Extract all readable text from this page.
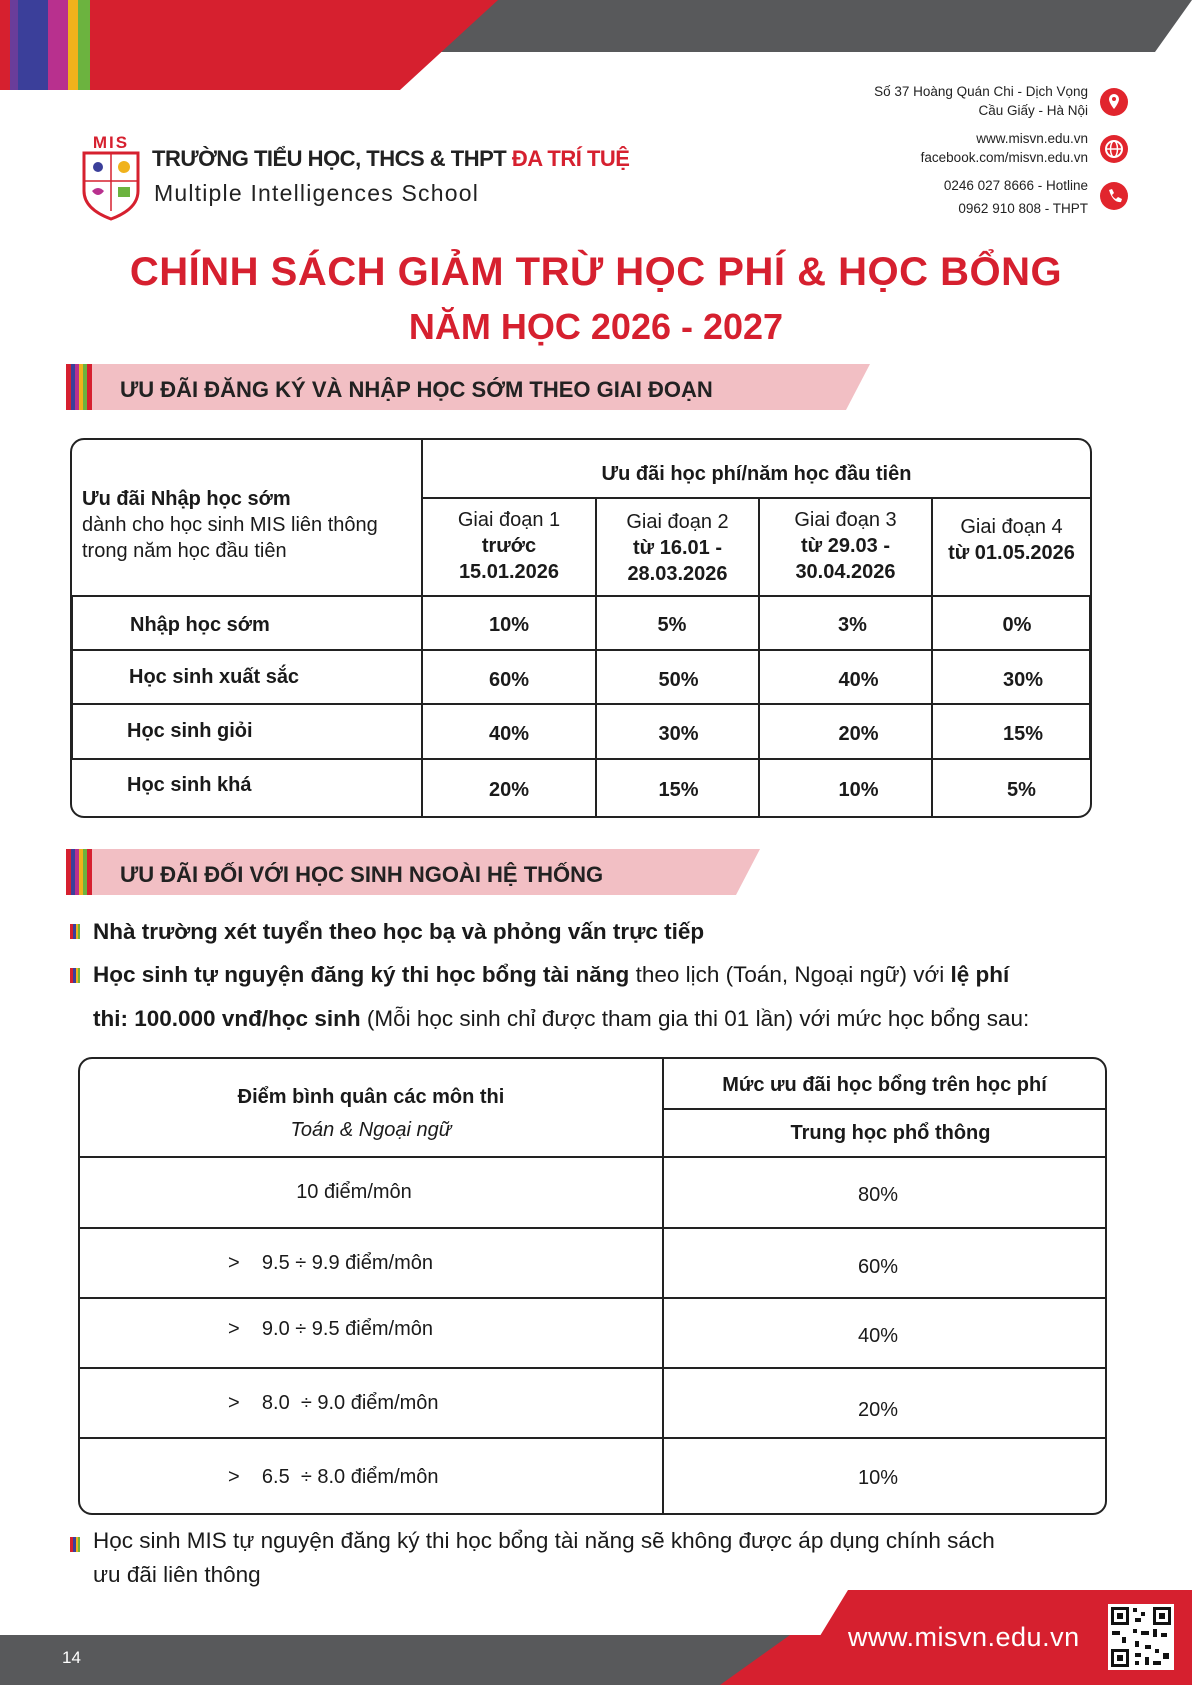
MIS
TRƯỜNG TIỂU HỌC, THCS & THPT ĐA TRÍ TUỆ
Multiple Intelligences School
Số 37 Hoàng Quán Chi - Dịch Vọng
Cầu Giấy - Hà Nội
www.misvn.edu.vn
facebook.com/misvn.edu.vn
0246 027 8666 - Hotline
0962 910 808 - THPT
CHÍNH SÁCH GIẢM TRỪ HỌC PHÍ & HỌC BỔNG
NĂM HỌC 2026 - 2027
ƯU ĐÃI ĐĂNG KÝ VÀ NHẬP HỌC SỚM THEO GIAI ĐOẠN
Ưu đãi Nhập học sớm
dành cho học sinh MIS liên thông
trong năm học đầu tiên
Ưu đãi học phí/năm học đầu tiên
Giai đoạn 1
trước
15.01.2026
Giai đoạn 2
từ 16.01 -
28.03.2026
Giai đoạn 3
từ 29.03 -
30.04.2026
Giai đoạn 4
từ 01.05.2026
Nhập học sớm	10%	5%	3%	0%
Học sinh xuất sắc	60%	50%	40%	30%
Học sinh giỏi	40%	30%	20%	15%
Học sinh khá	20%	15%	10%	5%
ƯU ĐÃI ĐỐI VỚI HỌC SINH NGOÀI HỆ THỐNG
Nhà trường xét tuyển theo học bạ và phỏng vấn trực tiếp
Học sinh tự nguyện đăng ký thi học bổng tài năng theo lịch (Toán, Ngoại ngữ) với lệ phí
thi: 100.000 vnđ/học sinh (Mỗi học sinh chỉ được tham gia thi 01 lần) với mức học bổng sau:
Điểm bình quân các môn thi
Toán & Ngoại ngữ
Mức ưu đãi học bổng trên học phí
Trung học phổ thông
10 điểm/môn	80%
>    9.5 ÷ 9.9 điểm/môn	60%
>    9.0 ÷ 9.5 điểm/môn	40%
>    8.0  ÷ 9.0 điểm/môn	20%
>    6.5  ÷ 8.0 điểm/môn	10%
Học sinh MIS tự nguyện đăng ký thi học bổng tài năng sẽ không được áp dụng chính sách
ưu đãi liên thông
14
www.misvn.edu.vn
